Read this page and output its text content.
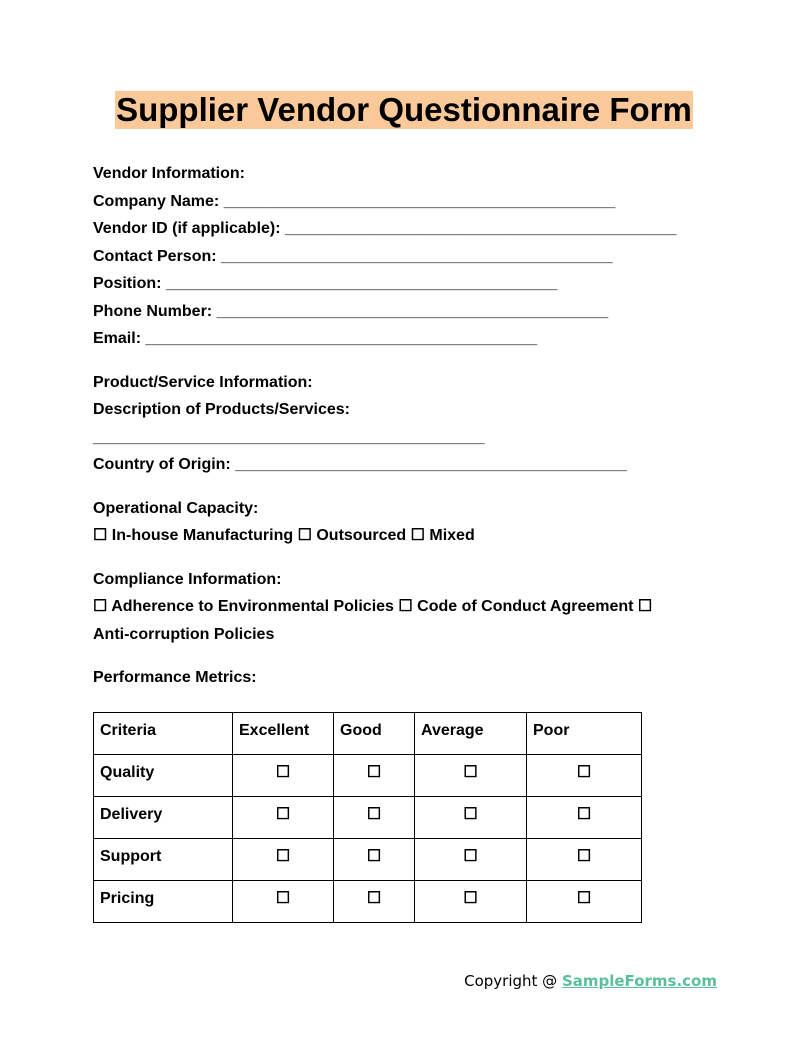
Supplier Vendor Questionnaire Form
Vendor Information:
Company Name: ____________________________________________
Vendor ID (if applicable): ____________________________________________
Contact Person: ____________________________________________
Position: ____________________________________________
Phone Number: ____________________________________________
Email: ____________________________________________
Product/Service Information:
Description of Products/Services:
____________________________________________
Country of Origin: ____________________________________________
Operational Capacity:
☐ In-house Manufacturing ☐ Outsourced ☐ Mixed
Compliance Information:
☐ Adherence to Environmental Policies ☐ Code of Conduct Agreement ☐
Anti-corruption Policies
Performance Metrics:
Criteria	Excellent	Good	Average	Poor
Quality	☐	☐	☐	☐
Delivery	☐	☐	☐	☐
Support	☐	☐	☐	☐
Pricing	☐	☐	☐	☐
Copyright @ SampleForms.com
